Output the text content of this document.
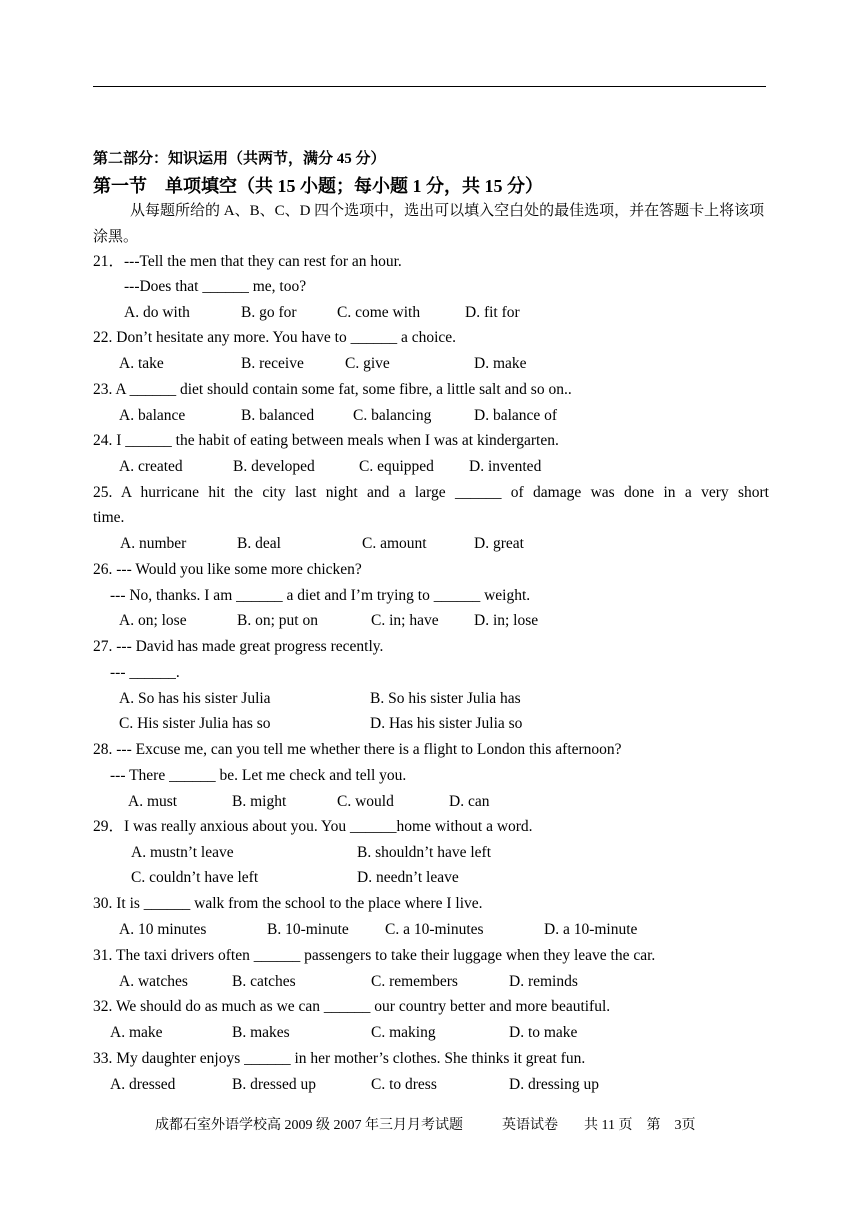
第二部分：知识运用（共两节，满分 45 分）
第一节　单项填空（共 15 小题；每小题 1 分，共 15 分）
从每题所给的 A、B、C、D 四个选项中，选出可以填入空白处的最佳选项，并在答题卡上将该项涂黑。
21．---Tell the men that they can rest for an hour.
---Does that ______ me, too?
A. do with	B. go for	C. come with	D. fit for
22. Don’t hesitate any more. You have to ______ a choice.
A. take	B. receive	C. give	D. make
23. A ______ diet should contain some fat, some fibre, a little salt and so on..
A. balance	B. balanced	C. balancing	D. balance of
24. I ______ the habit of eating between meals when I was at kindergarten.
A. created	B. developed	C. equipped D. invented
25. A hurricane hit the city last night and a large ______ of damage was done in a very short
time.
A. number	B. deal	C. amount	D. great
26. --- Would you like some more chicken?
--- No, thanks. I am ______ a diet and I’m trying to ______ weight.
A. on; lose	B. on; put on	C. in; have D. in; lose
27. --- David has made great progress recently.
--- ______.
A. So has his sister Julia	B. So his sister Julia has
C. His sister Julia has so	D. Has his sister Julia so
28. --- Excuse me, can you tell me whether there is a flight to London this afternoon?
--- There ______ be. Let me check and tell you.
A. must	B. might	C. would	D. can
29．I was really anxious about you. You ______home without a word.
A. mustn’t leave	B. shouldn’t have left
C. couldn’t have left	D. needn’t leave
30. It is ______ walk from the school to the place where I live.
A. 10 minutes	B. 10-minute C. a 10-minutes	D. a 10-minute
31. The taxi drivers often ______ passengers to take their luggage when they leave the car.
A. watches	B. catches	C. remembers	D. reminds
32. We should do as much as we can ______ our country better and more beautiful.
A. make	B. makes	C. making	D. to make
33. My daughter enjoys ______ in her mother’s clothes. She thinks it great fun.
A. dressed	B. dressed up	C. to dress	D. dressing up
成都石室外语学校高 2009 级 2007 年三月月考试题	英语试卷 共 11 页　第　3页
